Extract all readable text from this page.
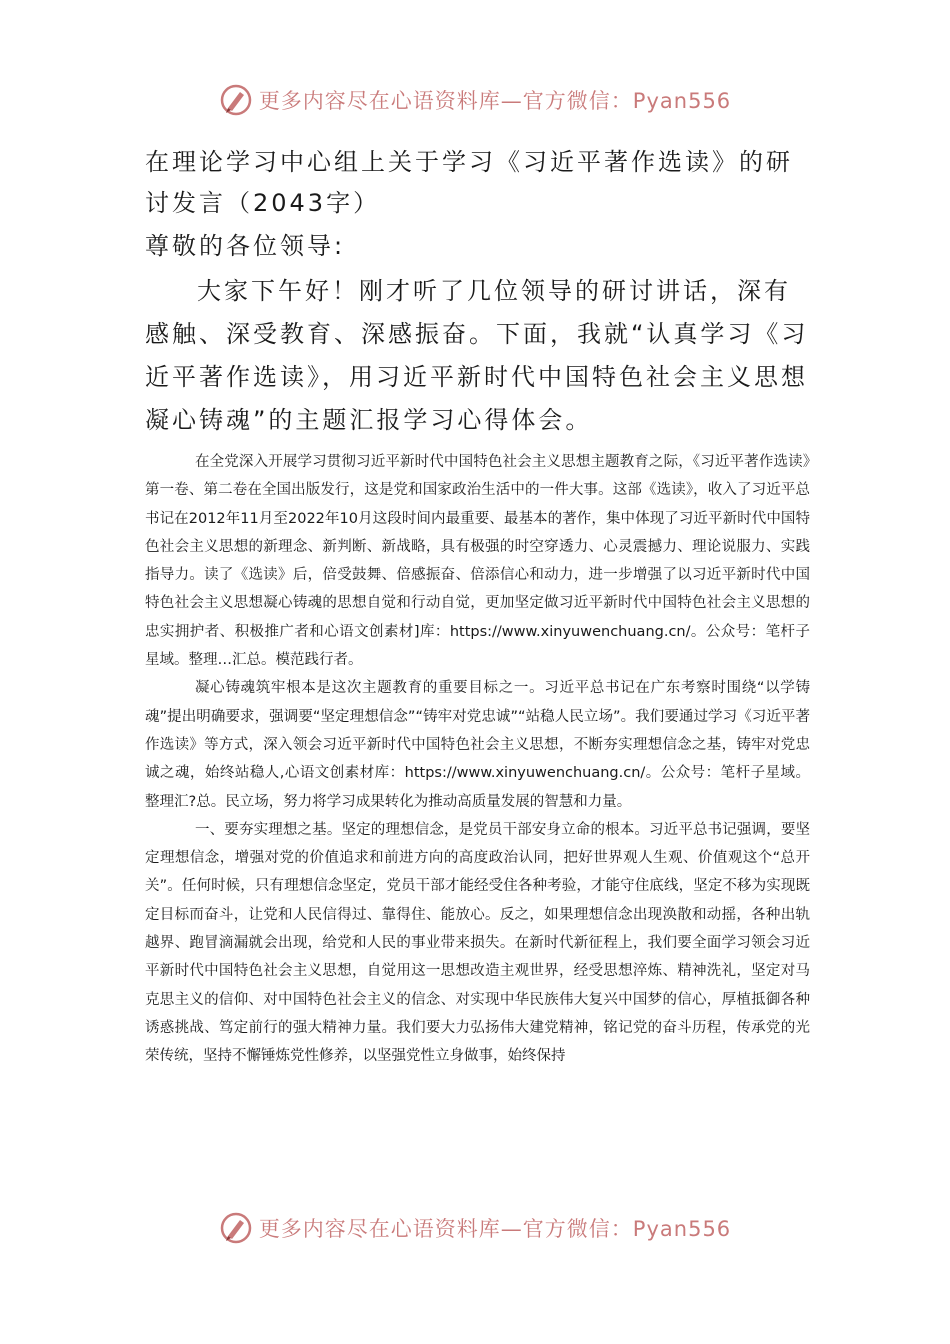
更多内容尽在心语资料库—官方微信：Pyan556
在理论学习中心组上关于学习《习近平著作选读》的研讨发言（2043字）
尊敬的各位领导:
大家下午好！刚才听了几位领导的研讨讲话，深有感触、深受教育、深感振奋。下面，我就“认真学习《习近平著作选读》，用习近平新时代中国特色社会主义思想凝心铸魂”的主题汇报学习心得体会。

在全党深入开展学习贯彻习近平新时代中国特色社会主义思想主题教育之际，《习近平著作选读》第一卷、第二卷在全国出版发行，这是党和国家政治生活中的一件大事。这部《选读》，收入了习近平总书记在2012年11月至2022年10月这段时间内最重要、最基本的著作，集中体现了习近平新时代中国特色社会主义思想的新理念、新判断、新战略，具有极强的时空穿透力、心灵震撼力、理论说服力、实践指导力。读了《选读》后，倍受鼓舞、倍感振奋、倍添信心和动力，进一步增强了以习近平新时代中国特色社会主义思想凝心铸魂的思想自觉和行动自觉，更加坚定做习近平新时代中国特色社会主义思想的忠实拥护者、积极推广者和心语文创素材]库：https://www.xinyuwenchuang.cn/。公众号：笔杆子星域。整理…汇总。模范践行者。

凝心铸魂筑牢根本是这次主题教育的重要目标之一。习近平总书记在广东考察时围绕“以学铸魂”提出明确要求，强调要“坚定理想信念”“铸牢对党忠诚”“站稳人民立场”。我们要通过学习《习近平著作选读》等方式，深入领会习近平新时代中国特色社会主义思想，不断夯实理想信念之基，铸牢对党忠诚之魂，始终站稳人,心语文创素材库：https://www.xinyuwenchuang.cn/。公众号：笔杆子星域。整理汇?总。民立场，努力将学习成果转化为推动高质量发展的智慧和力量。

一、要夯实理想之基。坚定的理想信念，是党员干部安身立命的根本。习近平总书记强调，要坚定理想信念，增强对党的价值追求和前进方向的高度政治认同，把好世界观人生观、价值观这个“总开关”。任何时候，只有理想信念坚定，党员干部才能经受住各种考验，才能守住底线，坚定不移为实现既定目标而奋斗，让党和人民信得过、靠得住、能放心。反之，如果理想信念出现涣散和动摇，各种出轨越界、跑冒滴漏就会出现，给党和人民的事业带来损失。在新时代新征程上，我们要全面学习领会习近平新时代中国特色社会主义思想，自觉用这一思想改造主观世界，经受思想淬炼、精神洗礼，坚定对马克思主义的信仰、对中国特色社会主义的信念、对实现中华民族伟大复兴中国梦的信心，厚植抵御各种诱惑挑战、笃定前行的强大精神力量。我们要大力弘扬伟大建党精神，铭记党的奋斗历程，传承党的光荣传统，坚持不懈锤炼党性修养，以坚强党性立身做事，始终保持

更多内容尽在心语资料库—官方微信：Pyan556
